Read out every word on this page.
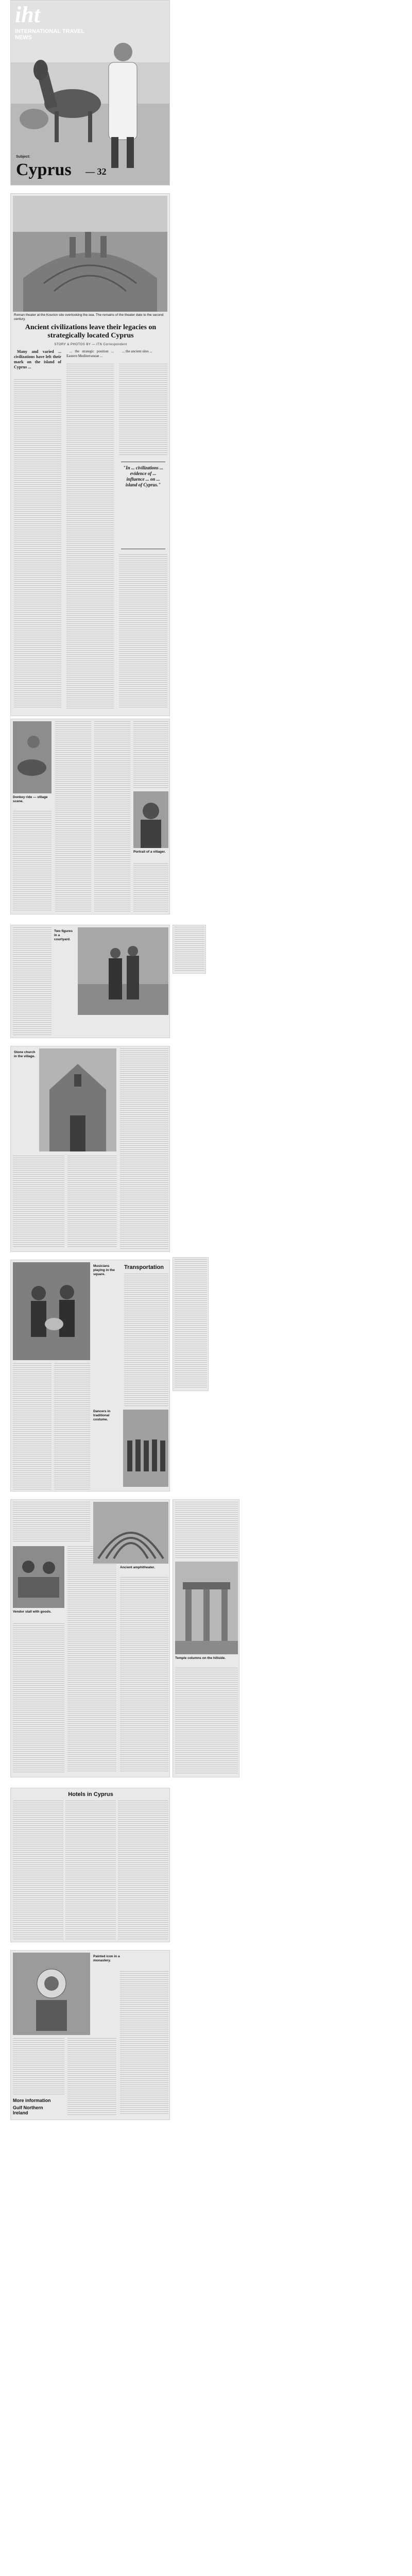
iht
INTERNATIONAL TRAVEL NEWS
Subject:
Cyprus — 32
Roman theater at the Kourion site overlooking the sea. The remains of the theater date to the second century.
Ancient civilizations leave their legacies on strategically located Cyprus
STORY & PHOTOS BY — ITN Correspondent

Many and varied ... civilizations have left their mark on the island of Cyprus ...

... the strategic position ... Eastern Mediterranean ...

... the ancient sites ...

"In ... civilizations ... evidence of ... influence ... on ... island of Cyprus."
Donkey ride — village scene.
Portrait of a villager.
Two figures in a courtyard.
Stone church in the village.
Musicians playing in the square.
Transportation
Dancers in traditional costume.
Vendor stall with goods.
Ancient amphitheater.
Temple columns on the hillside.
Hotels in Cyprus
Painted icon in a monastery.
More information
Gulf Northern Ireland
